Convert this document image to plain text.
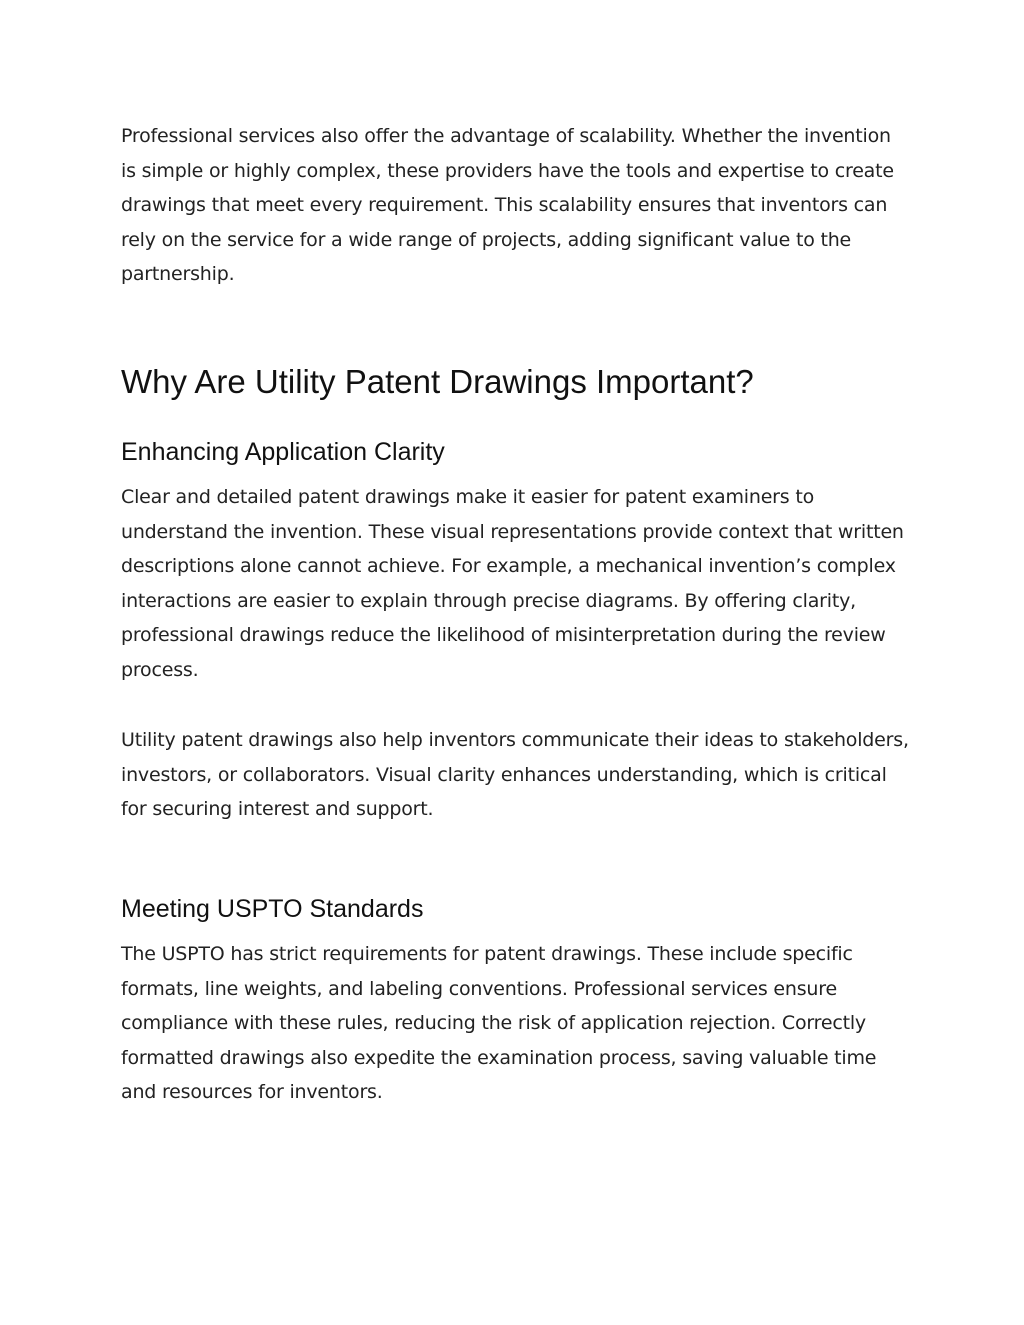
Professional services also offer the advantage of scalability. Whether the invention is simple or highly complex, these providers have the tools and expertise to create drawings that meet every requirement. This scalability ensures that inventors can rely on the service for a wide range of projects, adding significant value to the partnership.

Why Are Utility Patent Drawings Important?
Enhancing Application Clarity

Clear and detailed patent drawings make it easier for patent examiners to understand the invention. These visual representations provide context that written descriptions alone cannot achieve. For example, a mechanical invention’s complex interactions are easier to explain through precise diagrams. By offering clarity, professional drawings reduce the likelihood of misinterpretation during the review process.

Utility patent drawings also help inventors communicate their ideas to stakeholders, investors, or collaborators. Visual clarity enhances understanding, which is critical for securing interest and support.

Meeting USPTO Standards

The USPTO has strict requirements for patent drawings. These include specific formats, line weights, and labeling conventions. Professional services ensure compliance with these rules, reducing the risk of application rejection. Correctly formatted drawings also expedite the examination process, saving valuable time and resources for inventors.
